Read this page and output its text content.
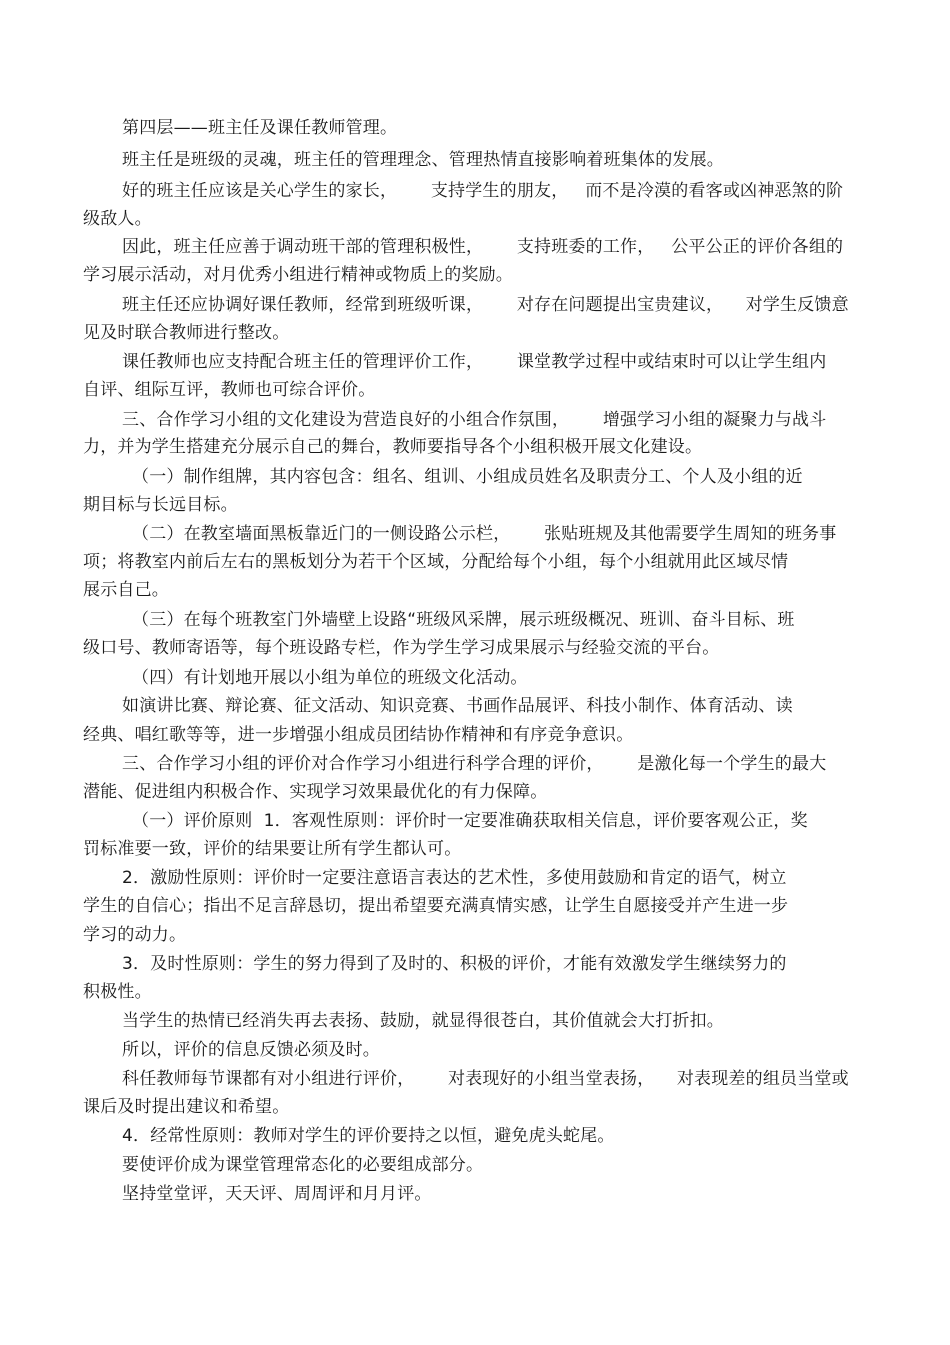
第四层——班主任及课任教师管理。
班主任是班级的灵魂，班主任的管理理念、管理热情直接影响着班集体的发展。
好的班主任应该是关心学生的家长，      支持学生的朋友，   而不是冷漠的看客或凶神恶煞的阶
级敌人。
因此，班主任应善于调动班干部的管理积极性，      支持班委的工作，   公平公正的评价各组的
学习展示活动，对月优秀小组进行精神或物质上的奖励。
班主任还应协调好课任教师，经常到班级听课，      对存在问题提出宝贵建议，    对学生反馈意
见及时联合教师进行整改。
课任教师也应支持配合班主任的管理评价工作，      课堂教学过程中或结束时可以让学生组内
自评、组际互评，教师也可综合评价。
三、合作学习小组的文化建设为营造良好的小组合作氛围，      增强学习小组的凝聚力与战斗
力，并为学生搭建充分展示自己的舞台，教师要指导各个小组积极开展文化建设。
（一）制作组牌，其内容包含：组名、组训、小组成员姓名及职责分工、个人及小组的近
期目标与长远目标。
（二）在教室墙面黑板靠近门的一侧设路公示栏，      张贴班规及其他需要学生周知的班务事
项；将教室内前后左右的黑板划分为若干个区域，分配给每个小组，每个小组就用此区域尽情
展示自己。
（三）在每个班教室门外墙壁上设路“班级风采牌，展示班级概况、班训、奋斗目标、班
级口号、教师寄语等，每个班设路专栏，作为学生学习成果展示与经验交流的平台。
（四）有计划地开展以小组为单位的班级文化活动。
如演讲比赛、辩论赛、征文活动、知识竞赛、书画作品展评、科技小制作、体育活动、读
经典、唱红歌等等，进一步增强小组成员团结协作精神和有序竞争意识。
三、合作学习小组的评价对合作学习小组进行科学合理的评价，      是激化每一个学生的最大
潜能、促进组内积极合作、实现学习效果最优化的有力保障。
（一）评价原则  1．客观性原则：评价时一定要准确获取相关信息，评价要客观公正，奖
罚标准要一致，评价的结果要让所有学生都认可。
2．激励性原则：评价时一定要注意语言表达的艺术性，多使用鼓励和肯定的语气，树立
学生的自信心；指出不足言辞恳切，提出希望要充满真情实感，让学生自愿接受并产生进一步
学习的动力。
3．及时性原则：学生的努力得到了及时的、积极的评价，才能有效激发学生继续努力的
积极性。
当学生的热情已经消失再去表扬、鼓励，就显得很苍白，其价值就会大打折扣。
所以，评价的信息反馈必须及时。
科任教师每节课都有对小组进行评价，      对表现好的小组当堂表扬，    对表现差的组员当堂或
课后及时提出建议和希望。
4．经常性原则：教师对学生的评价要持之以恒，避免虎头蛇尾。
要使评价成为课堂管理常态化的必要组成部分。
坚持堂堂评，天天评、周周评和月月评。
